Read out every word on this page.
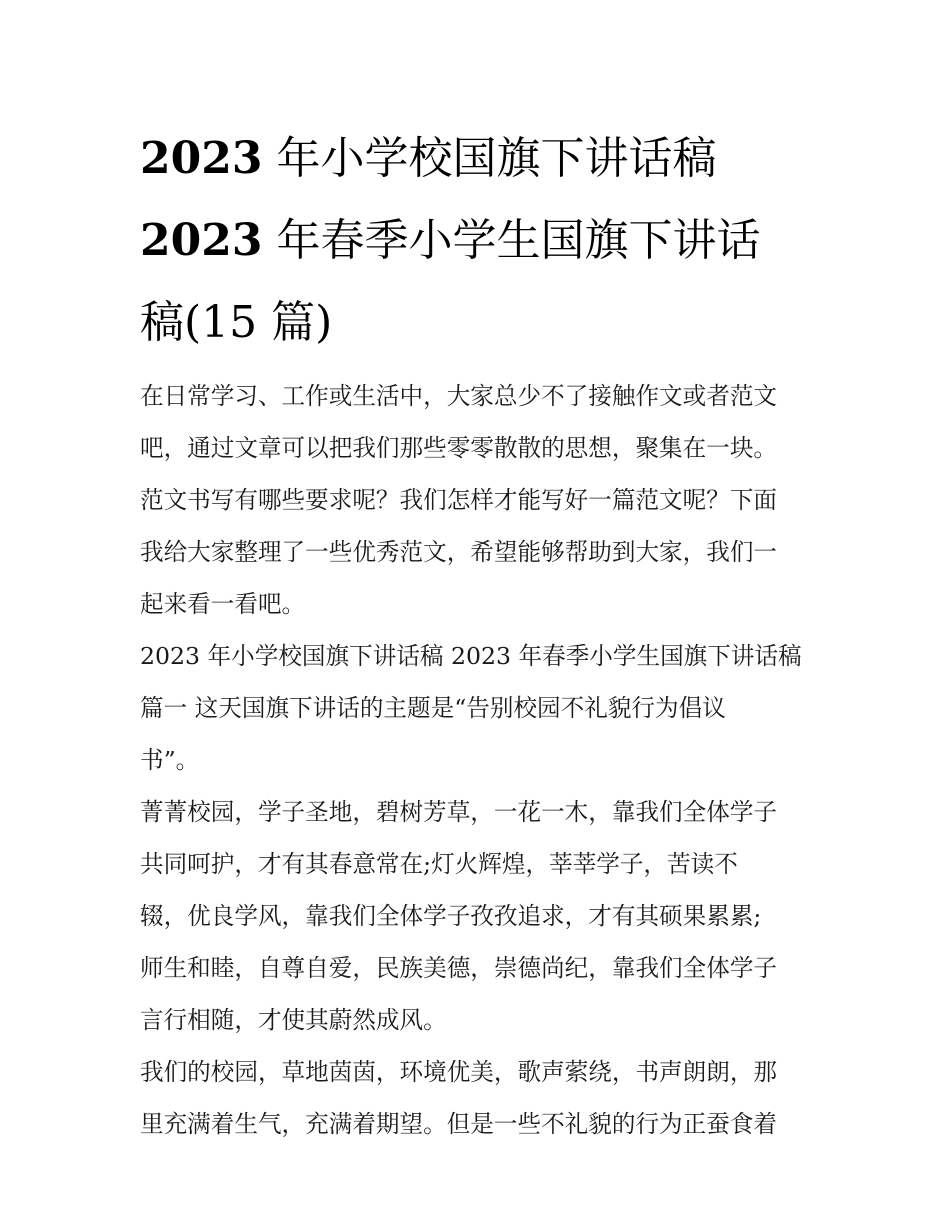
2023 年小学校国旗下讲话稿
2023 年春季小学生国旗下讲话
稿(15 篇)
在日常学习、工作或生活中，大家总少不了接触作文或者范文
吧，通过文章可以把我们那些零零散散的思想，聚集在一块。
范文书写有哪些要求呢？我们怎样才能写好一篇范文呢？下面
我给大家整理了一些优秀范文，希望能够帮助到大家，我们一
起来看一看吧。
2023 年小学校国旗下讲话稿 2023 年春季小学生国旗下讲话稿
篇一 这天国旗下讲话的主题是“告别校园不礼貌行为倡议
书”。
菁菁校园，学子圣地，碧树芳草，一花一木，靠我们全体学子
共同呵护，才有其春意常在;灯火辉煌，莘莘学子，苦读不
辍，优良学风，靠我们全体学子孜孜追求，才有其硕果累累;
师生和睦，自尊自爱，民族美德，崇德尚纪，靠我们全体学子
言行相随，才使其蔚然成风。
我们的校园，草地茵茵，环境优美，歌声萦绕，书声朗朗，那
里充满着生气，充满着期望。但是一些不礼貌的行为正蚕食着
